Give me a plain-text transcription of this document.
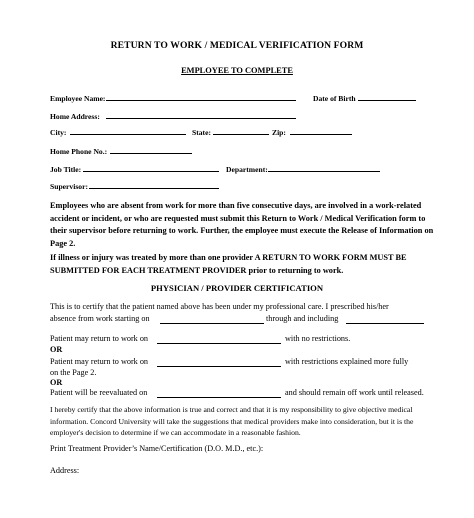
RETURN TO WORK / MEDICAL VERIFICATION FORM
EMPLOYEE TO COMPLETE
Employee Name:	Date of Birth
Home Address:
City:	State:	Zip:
Home Phone No.:
Job Title:	Department:
Supervisor:
Employees who are absent from work for more than five consecutive days, are involved in a work-related accident or incident, or who are requested must submit this Return to Work / Medical Verification form to their supervisor before returning to work. Further, the employee must execute the Release of Information on Page 2.
If illness or injury was treated by more than one provider A RETURN TO WORK FORM MUST BE SUBMITTED FOR EACH TREATMENT PROVIDER prior to returning to work.
PHYSICIAN / PROVIDER CERTIFICATION
This is to certify that the patient named above has been under my professional care. I prescribed his/her
absence from work starting on	through and including
Patient may return to work on	with no restrictions.
OR
Patient may return to work on	with restrictions explained more fully
on the Page 2.
OR
Patient will be reevaluated on	and should remain off work until released.
I hereby certify that the above information is true and correct and that it is my responsibility to give objective medical information. Concord University will take the suggestions that medical providers make into consideration, but it is the employer's decision to determine if we can accommodate in a reasonable fashion.
Print Treatment Provider’s Name/Certification (D.O. M.D., etc.):
Address:
